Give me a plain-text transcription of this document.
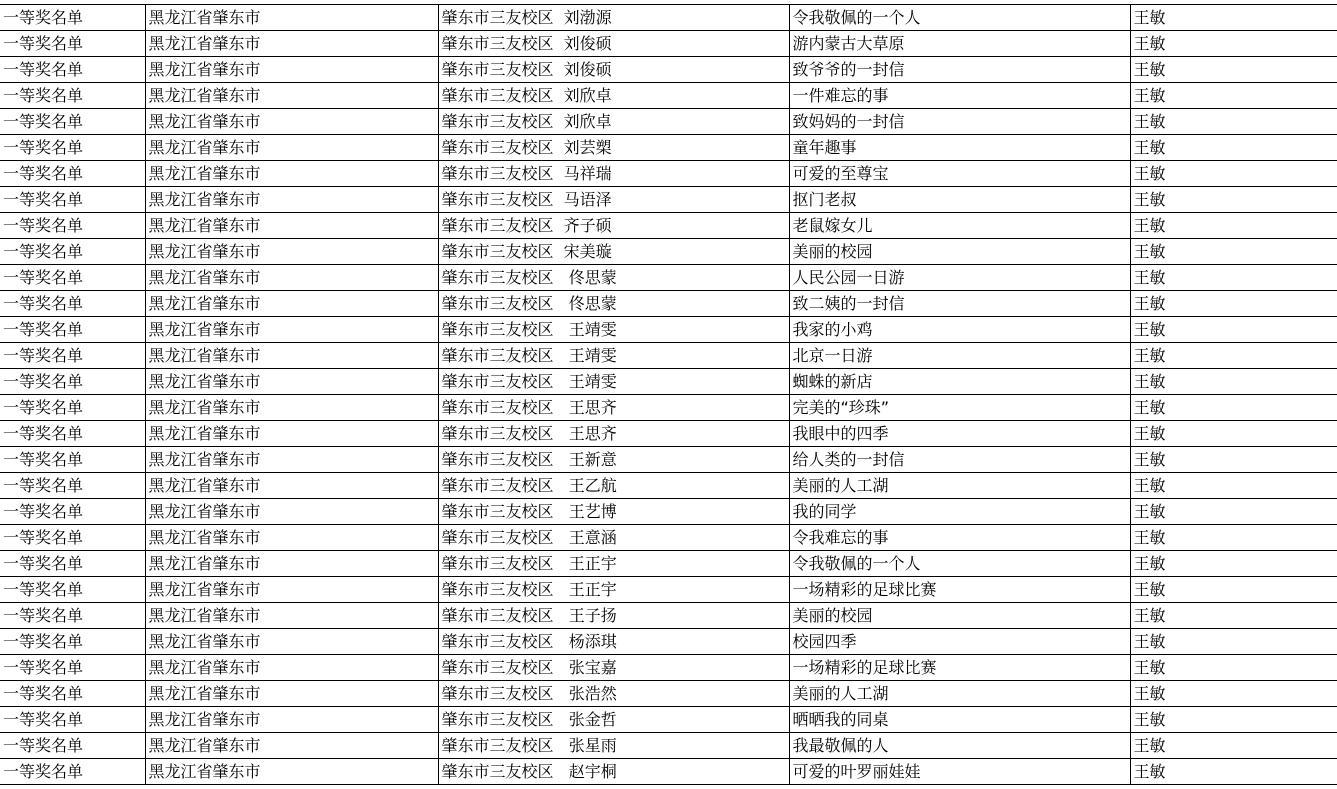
一等奖名单	黑龙江省肇东市	肇东市三友校区  刘渤源	令我敬佩的一个人	王敏
一等奖名单	黑龙江省肇东市	肇东市三友校区  刘俊硕	游内蒙古大草原	王敏
一等奖名单	黑龙江省肇东市	肇东市三友校区  刘俊硕	致爷爷的一封信	王敏
一等奖名单	黑龙江省肇东市	肇东市三友校区  刘欣卓	一件难忘的事	王敏
一等奖名单	黑龙江省肇东市	肇东市三友校区  刘欣卓	致妈妈的一封信	王敏
一等奖名单	黑龙江省肇东市	肇东市三友校区  刘芸槊	童年趣事	王敏
一等奖名单	黑龙江省肇东市	肇东市三友校区  马祥瑞	可爱的至尊宝	王敏
一等奖名单	黑龙江省肇东市	肇东市三友校区  马语泽	抠门老叔	王敏
一等奖名单	黑龙江省肇东市	肇东市三友校区  齐子硕	老鼠嫁女儿	王敏
一等奖名单	黑龙江省肇东市	肇东市三友校区  宋美璇	美丽的校园	王敏
一等奖名单	黑龙江省肇东市	肇东市三友校区   佟思蒙	人民公园一日游	王敏
一等奖名单	黑龙江省肇东市	肇东市三友校区   佟思蒙	致二姨的一封信	王敏
一等奖名单	黑龙江省肇东市	肇东市三友校区   王靖雯	我家的小鸡	王敏
一等奖名单	黑龙江省肇东市	肇东市三友校区   王靖雯	北京一日游	王敏
一等奖名单	黑龙江省肇东市	肇东市三友校区   王靖雯	蜘蛛的新店	王敏
一等奖名单	黑龙江省肇东市	肇东市三友校区   王思齐	完美的“珍珠”	王敏
一等奖名单	黑龙江省肇东市	肇东市三友校区   王思齐	我眼中的四季	王敏
一等奖名单	黑龙江省肇东市	肇东市三友校区   王新意	给人类的一封信	王敏
一等奖名单	黑龙江省肇东市	肇东市三友校区   王乙航	美丽的人工湖	王敏
一等奖名单	黑龙江省肇东市	肇东市三友校区   王艺博	我的同学	王敏
一等奖名单	黑龙江省肇东市	肇东市三友校区   王意涵	令我难忘的事	王敏
一等奖名单	黑龙江省肇东市	肇东市三友校区   王正宇	令我敬佩的一个人	王敏
一等奖名单	黑龙江省肇东市	肇东市三友校区   王正宇	一场精彩的足球比赛	王敏
一等奖名单	黑龙江省肇东市	肇东市三友校区   王子扬	美丽的校园	王敏
一等奖名单	黑龙江省肇东市	肇东市三友校区   杨添琪	校园四季	王敏
一等奖名单	黑龙江省肇东市	肇东市三友校区   张宝嘉	一场精彩的足球比赛	王敏
一等奖名单	黑龙江省肇东市	肇东市三友校区   张浩然	美丽的人工湖	王敏
一等奖名单	黑龙江省肇东市	肇东市三友校区   张金哲	晒晒我的同桌	王敏
一等奖名单	黑龙江省肇东市	肇东市三友校区   张星雨	我最敬佩的人	王敏
一等奖名单	黑龙江省肇东市	肇东市三友校区   赵宇桐	可爱的叶罗丽娃娃	王敏
